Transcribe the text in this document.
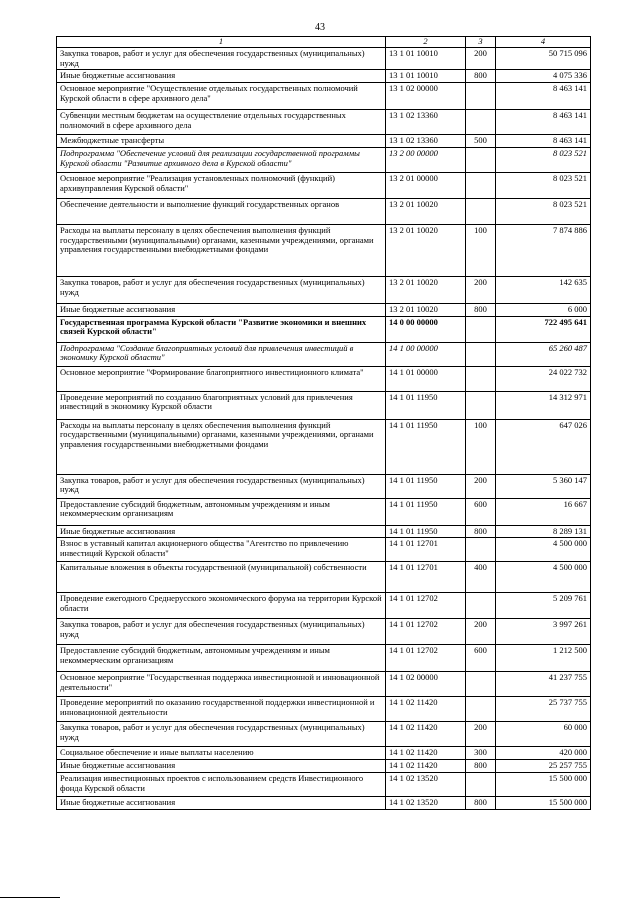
43
1	2	3	4
Закупка товаров, работ и услуг для обеспечения государственных (муниципальных) нужд	13 1 01 10010	200	50 715 096
Иные бюджетные ассигнования	13 1 01 10010	800	4 075 336
Основное мероприятие "Осуществление отдельных государственных полномочий Курской области в сфере архивного дела"	13 1 02 00000		8 463 141
Субвенции местным бюджетам на осуществление отдельных государственных полномочий в сфере архивного дела	13 1 02 13360		8 463 141
Межбюджетные трансферты	13 1 02 13360	500	8 463 141
Подпрограмма "Обеспечение условий для реализации государственной программы Курской области "Развитие архивного дела в Курской области"	13 2 00 00000		8 023 521
Основное мероприятие "Реализация установленных полномочий (функций) архивуправления Курской области"	13 2 01 00000		8 023 521
Обеспечение деятельности и выполнение функций государственных органов	13 2 01 10020		8 023 521
Расходы на выплаты персоналу в целях обеспечения выполнения функций государственными (муниципальными) органами, казенными учреждениями, органами управления государственными внебюджетными фондами	13 2 01 10020	100	7 874 886
Закупка товаров, работ и услуг для обеспечения государственных (муниципальных) нужд	13 2 01 10020	200	142 635
Иные бюджетные ассигнования	13 2 01 10020	800	6 000
Государственная программа Курской области "Развитие экономики и внешних связей Курской области"	14 0 00 00000		722 495 641
Подпрограмма "Создание благоприятных условий для привлечения инвестиций в экономику Курской области"	14 1 00 00000		65 260 487
Основное мероприятие "Формирование благоприятного инвестиционного климата"	14 1 01 00000		24 022 732
Проведение мероприятий по созданию благоприятных условий для привлечения инвестиций в экономику Курской области	14 1 01 11950		14 312 971
Расходы на выплаты персоналу в целях обеспечения выполнения функций государственными (муниципальными) органами, казенными учреждениями, органами управления государственными внебюджетными фондами	14 1 01 11950	100	647 026
Закупка товаров, работ и услуг для обеспечения государственных (муниципальных) нужд	14 1 01 11950	200	5 360 147
Предоставление субсидий бюджетным, автономным учреждениям и иным некоммерческим организациям	14 1 01 11950	600	16 667
Иные бюджетные ассигнования	14 1 01 11950	800	8 289 131
Взнос в уставный капитал акционерного общества "Агентство по привлечению инвестиций Курской области"	14 1 01 12701		4 500 000
Капитальные вложения в объекты государственной (муниципальной) собственности	14 1 01 12701	400	4 500 000
Проведение ежегодного Среднерусского экономического форума на территории Курской области	14 1 01 12702		5 209 761
Закупка товаров, работ и услуг для обеспечения государственных (муниципальных) нужд	14 1 01 12702	200	3 997 261
Предоставление субсидий бюджетным, автономным учреждениям и иным некоммерческим организациям	14 1 01 12702	600	1 212 500
Основное мероприятие "Государственная поддержка инвестиционной и инновационной деятельности"	14 1 02 00000		41 237 755
Проведение мероприятий по оказанию государственной поддержки инвестиционной и инновационной деятельности	14 1 02 11420		25 737 755
Закупка товаров, работ и услуг для обеспечения государственных (муниципальных) нужд	14 1 02 11420	200	60 000
Социальное обеспечение и иные выплаты населению	14 1 02 11420	300	420 000
Иные бюджетные ассигнования	14 1 02 11420	800	25 257 755
Реализация инвестиционных проектов с использованием средств Инвестиционного фонда Курской области	14 1 02 13520		15 500 000
Иные бюджетные ассигнования	14 1 02 13520	800	15 500 000
